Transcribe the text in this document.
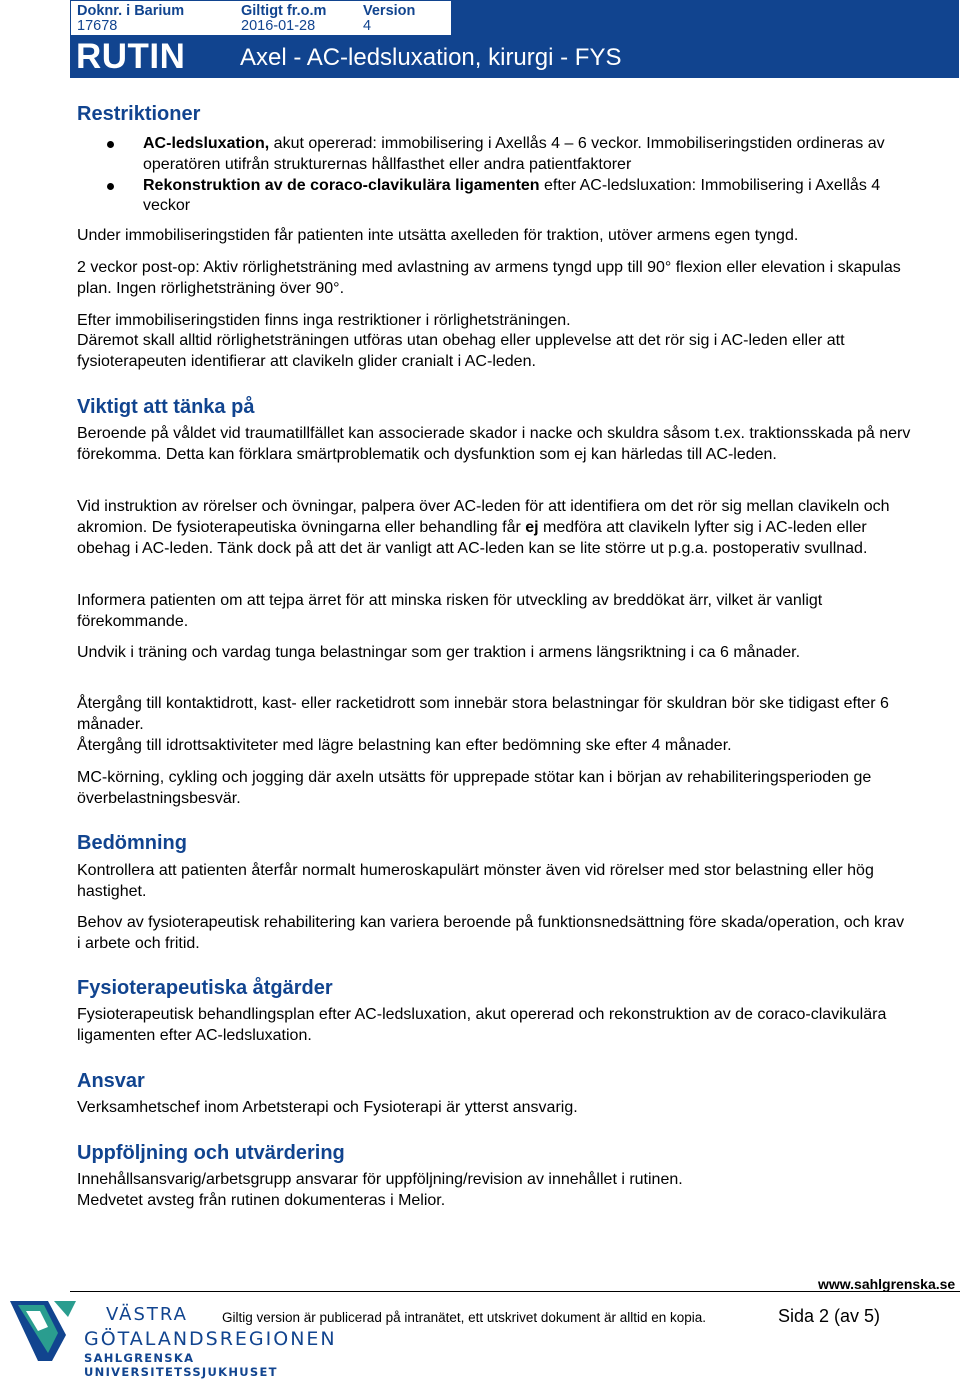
Doknr. i Barium
17678
Giltigt fr.o.m
2016-01-28
Version
4
RUTIN Axel - AC-ledsluxation, kirurgi - FYS
Restriktioner
AC-ledsluxation, akut opererad: immobilisering i Axellås 4 – 6 veckor. Immobiliseringstiden ordineras av operatören utifrån strukturernas hållfasthet eller andra patientfaktorer
Rekonstruktion av de coraco-clavikulära ligamenten efter AC-ledsluxation: Immobilisering i Axellås 4 veckor

Under immobiliseringstiden får patienten inte utsätta axelleden för traktion, utöver armens egen tyngd.

2 veckor post-op: Aktiv rörlighetsträning med avlastning av armens tyngd upp till 90° flexion eller elevation i skapulas plan. Ingen rörlighetsträning över 90°.

Efter immobiliseringstiden finns inga restriktioner i rörlighetsträningen.

Däremot skall alltid rörlighetsträningen utföras utan obehag eller upplevelse att det rör sig i AC-leden eller att fysioterapeuten identifierar att clavikeln glider cranialt i AC-leden.

Viktigt att tänka på

Beroende på våldet vid traumatillfället kan associerade skador i nacke och skuldra såsom t.ex. traktionsskada på nerv förekomma. Detta kan förklara smärtproblematik och dysfunktion som ej kan härledas till AC-leden.

Vid instruktion av rörelser och övningar, palpera över AC-leden för att identifiera om det rör sig mellan clavikeln och akromion. De fysioterapeutiska övningarna eller behandling får ej medföra att clavikeln lyfter sig i AC-leden eller obehag i AC-leden. Tänk dock på att det är vanligt att AC-leden kan se lite större ut p.g.a. postoperativ svullnad.

Informera patienten om att tejpa ärret för att minska risken för utveckling av breddökat ärr, vilket är vanligt förekommande.

Undvik i träning och vardag tunga belastningar som ger traktion i armens längsriktning i ca 6 månader.

Återgång till kontaktidrott, kast- eller racketidrott som innebär stora belastningar för skuldran bör ske tidigast efter 6 månader.

Återgång till idrottsaktiviteter med lägre belastning kan efter bedömning ske efter 4 månader.

MC-körning, cykling och jogging där axeln utsätts för upprepade stötar kan i början av rehabiliteringsperioden ge överbelastningsbesvär.

Bedömning

Kontrollera att patienten återfår normalt humeroskapulärt mönster även vid rörelser med stor belastning eller hög hastighet.

Behov av fysioterapeutisk rehabilitering kan variera beroende på funktionsnedsättning före skada/operation, och krav i arbete och fritid.

Fysioterapeutiska åtgärder

Fysioterapeutisk behandlingsplan efter AC-ledsluxation, akut opererad och rekonstruktion av de coraco-clavikulära ligamenten efter AC-ledsluxation.

Ansvar

Verksamhetschef inom Arbetsterapi och Fysioterapi är ytterst ansvarig.

Uppföljning och utvärdering

Innehållsansvarig/arbetsgrupp ansvarar för uppföljning/revision av innehållet i rutinen.

Medvetet avsteg från rutinen dokumenteras i Melior.

www.sahlgrenska.se
VÄSTRA
GÖTALANDSREGIONEN
SAHLGRENSKA UNIVERSITETSSJUKHUSET
Giltig version är publicerad på intranätet, ett utskrivet dokument är alltid en kopia.	Sida 2 (av 5)
